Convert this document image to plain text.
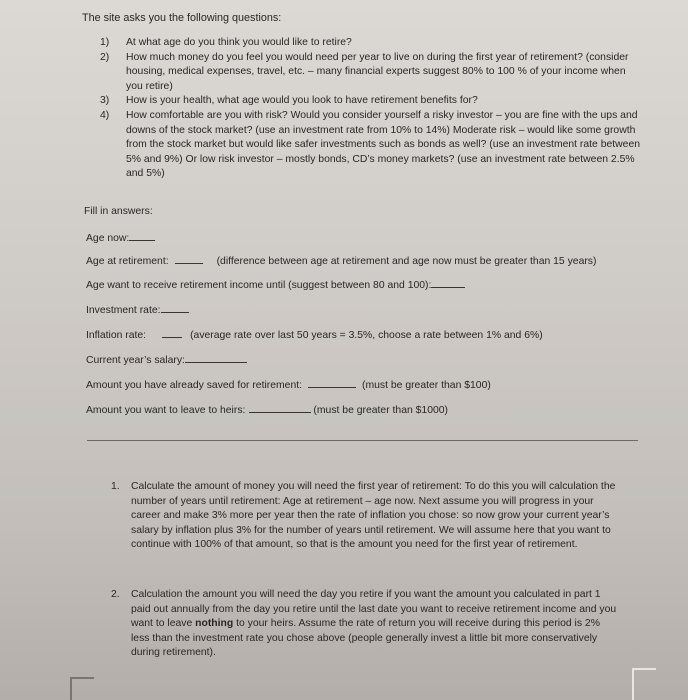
The site asks you the following questions:

1)	At what age do you think you would like to retire?
2)	How much money do you feel you would need per year to live on during the first year of retirement? (consider housing, medical expenses, travel, etc. – many financial experts suggest 80% to 100 % of your income when you retire)
3)	How is your health, what age would you look to have retirement benefits for?
4)	How comfortable are you with risk? Would you consider yourself a risky investor – you are fine with the ups and downs of the stock market? (use an investment rate from 10% to 14%) Moderate risk – would like some growth from the stock market but would like safer investments such as bonds as well? (use an investment rate between 5% and 9%) Or low risk investor – mostly bonds, CD’s money markets? (use an investment rate between 2.5% and 5%)

Fill in answers:

Age now:
Age at retirement:	(difference between age at retirement and age now must be greater than 15 years)
Age want to receive retirement income until (suggest between 80 and 100):
Investment rate:
Inflation rate:	(average rate over last 50 years = 3.5%, choose a rate between 1% and 6%)
Current year’s salary:
Amount you have already saved for retirement:	(must be greater than $100)
Amount you want to leave to heirs:	(must be greater than $1000)
1.	Calculate the amount of money you will need the first year of retirement: To do this you will calculation the number of years until retirement: Age at retirement – age now. Next assume you will progress in your career and make 3% more per year then the rate of inflation you chose: so now grow your current year’s salary by inflation plus 3% for the number of years until retirement. We will assume here that you want to continue with 100% of that amount, so that is the amount you need for the first year of retirement.
2.	Calculation the amount you will need the day you retire if you want the amount you calculated in part 1 paid out annually from the day you retire until the last date you want to receive retirement income and you want to leave nothing to your heirs. Assume the rate of return you will receive during this period is 2% less than the investment rate you chose above (people generally invest a little bit more conservatively during retirement).
